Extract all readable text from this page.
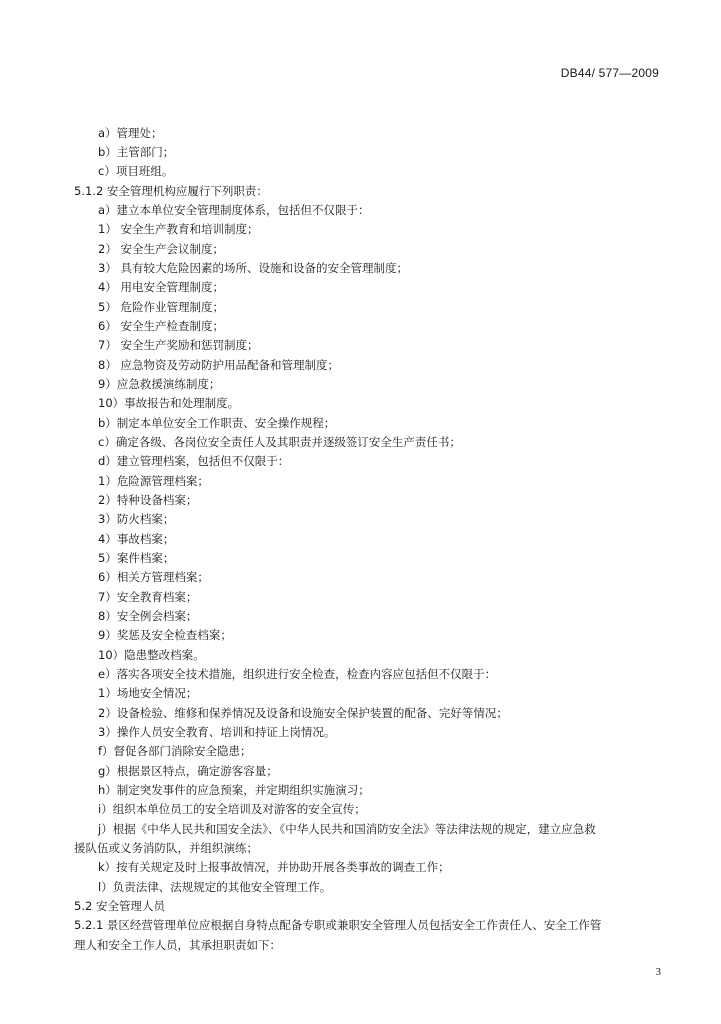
DB44/ 577—2009
a）管理处；
b）主管部门；
c）项目班组。
5.1.2 安全管理机构应履行下列职责：
a）建立本单位安全管理制度体系，包括但不仅限于：
1） 安全生产教育和培训制度；
2） 安全生产会议制度；
3） 具有较大危险因素的场所、设施和设备的安全管理制度；
4） 用电安全管理制度；
5） 危险作业管理制度；
6） 安全生产检查制度；
7） 安全生产奖励和惩罚制度；
8） 应急物资及劳动防护用品配备和管理制度；
9）应急救援演练制度；
10）事故报告和处理制度。
b）制定本单位安全工作职责、安全操作规程；
c）确定各级、各岗位安全责任人及其职责并逐级签订安全生产责任书；
d）建立管理档案，包括但不仅限于：
1）危险源管理档案；
2）特种设备档案；
3）防火档案；
4）事故档案；
5）案件档案；
6）相关方管理档案；
7）安全教育档案；
8）安全例会档案；
9）奖惩及安全检查档案；
10）隐患整改档案。
e）落实各项安全技术措施，组织进行安全检查，检查内容应包括但不仅限于：
1）场地安全情况；
2）设备检验、维修和保养情况及设备和设施安全保护装置的配备、完好等情况；
3）操作人员安全教育、培训和持证上岗情况。
f）督促各部门消除安全隐患；
g）根据景区特点，确定游客容量；
h）制定突发事件的应急预案，并定期组织实施演习；
i）组织本单位员工的安全培训及对游客的安全宣传；
j）根据《中华人民共和国安全法》、《中华人民共和国消防安全法》等法律法规的规定，建立应急救
援队伍或义务消防队，并组织演练；
k）按有关规定及时上报事故情况，并协助开展各类事故的调查工作；
l）负责法律、法规规定的其他安全管理工作。
5.2 安全管理人员
5.2.1 景区经营管理单位应根据自身特点配备专职或兼职安全管理人员包括安全工作责任人、安全工作管
理人和安全工作人员，其承担职责如下：
3
